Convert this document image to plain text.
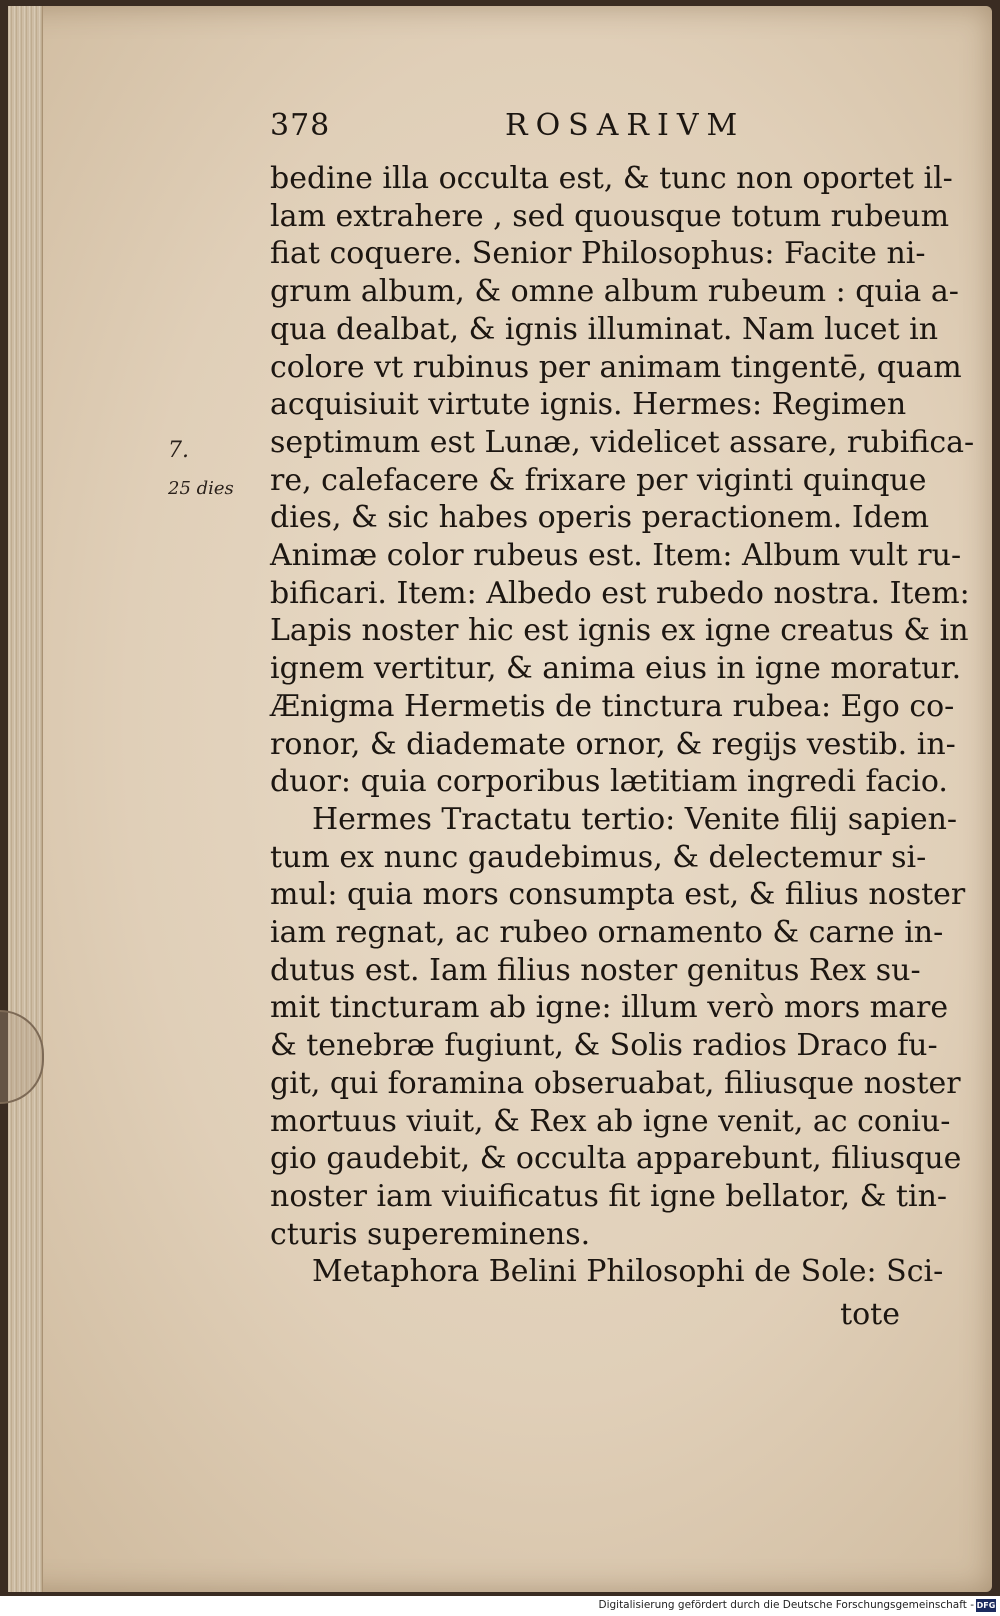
7.
25 dies
378	ROSARIVM
bedine illa occulta est, & tunc non oportet il-
lam extrahere , sed quousque totum rubeum
fiat coquere. Senior Philosophus: Facite ni-
grum album, & omne album rubeum : quia a-
qua dealbat, & ignis illuminat. Nam lucet in
colore vt rubinus per animam tingentē, quam
acquisiuit virtute ignis. Hermes: Regimen
septimum est Lunæ, videlicet assare, rubifica-
re, calefacere & frixare per viginti quinque
dies, & sic habes operis peractionem. Idem
Animæ color rubeus est. Item: Album vult ru-
bificari. Item: Albedo est rubedo nostra. Item:
Lapis noster hic est ignis ex igne creatus & in
ignem vertitur, & anima eius in igne moratur.
Ænigma Hermetis de tinctura rubea: Ego co-
ronor, & diademate ornor, & regijs vestib. in-
duor: quia corporibus lætitiam ingredi facio.
Hermes Tractatu tertio: Venite filij sapien-
tum ex nunc gaudebimus, & delectemur si-
mul: quia mors consumpta est, & filius noster
iam regnat, ac rubeo ornamento & carne in-
dutus est. Iam filius noster genitus Rex su-
mit tincturam ab igne: illum verò mors mare
& tenebræ fugiunt, & Solis radios Draco fu-
git, qui foramina obseruabat, filiusque noster
mortuus viuit, & Rex ab igne venit, ac coniu-
gio gaudebit, & occulta apparebunt, filiusque
noster iam viuificatus fit igne bellator, & tin-
cturis supereminens.
Metaphora Belini Philosophi de Sole: Sci-
tote
Digitalisierung gefördert durch die Deutsche Forschungsgemeinschaft - DFG
